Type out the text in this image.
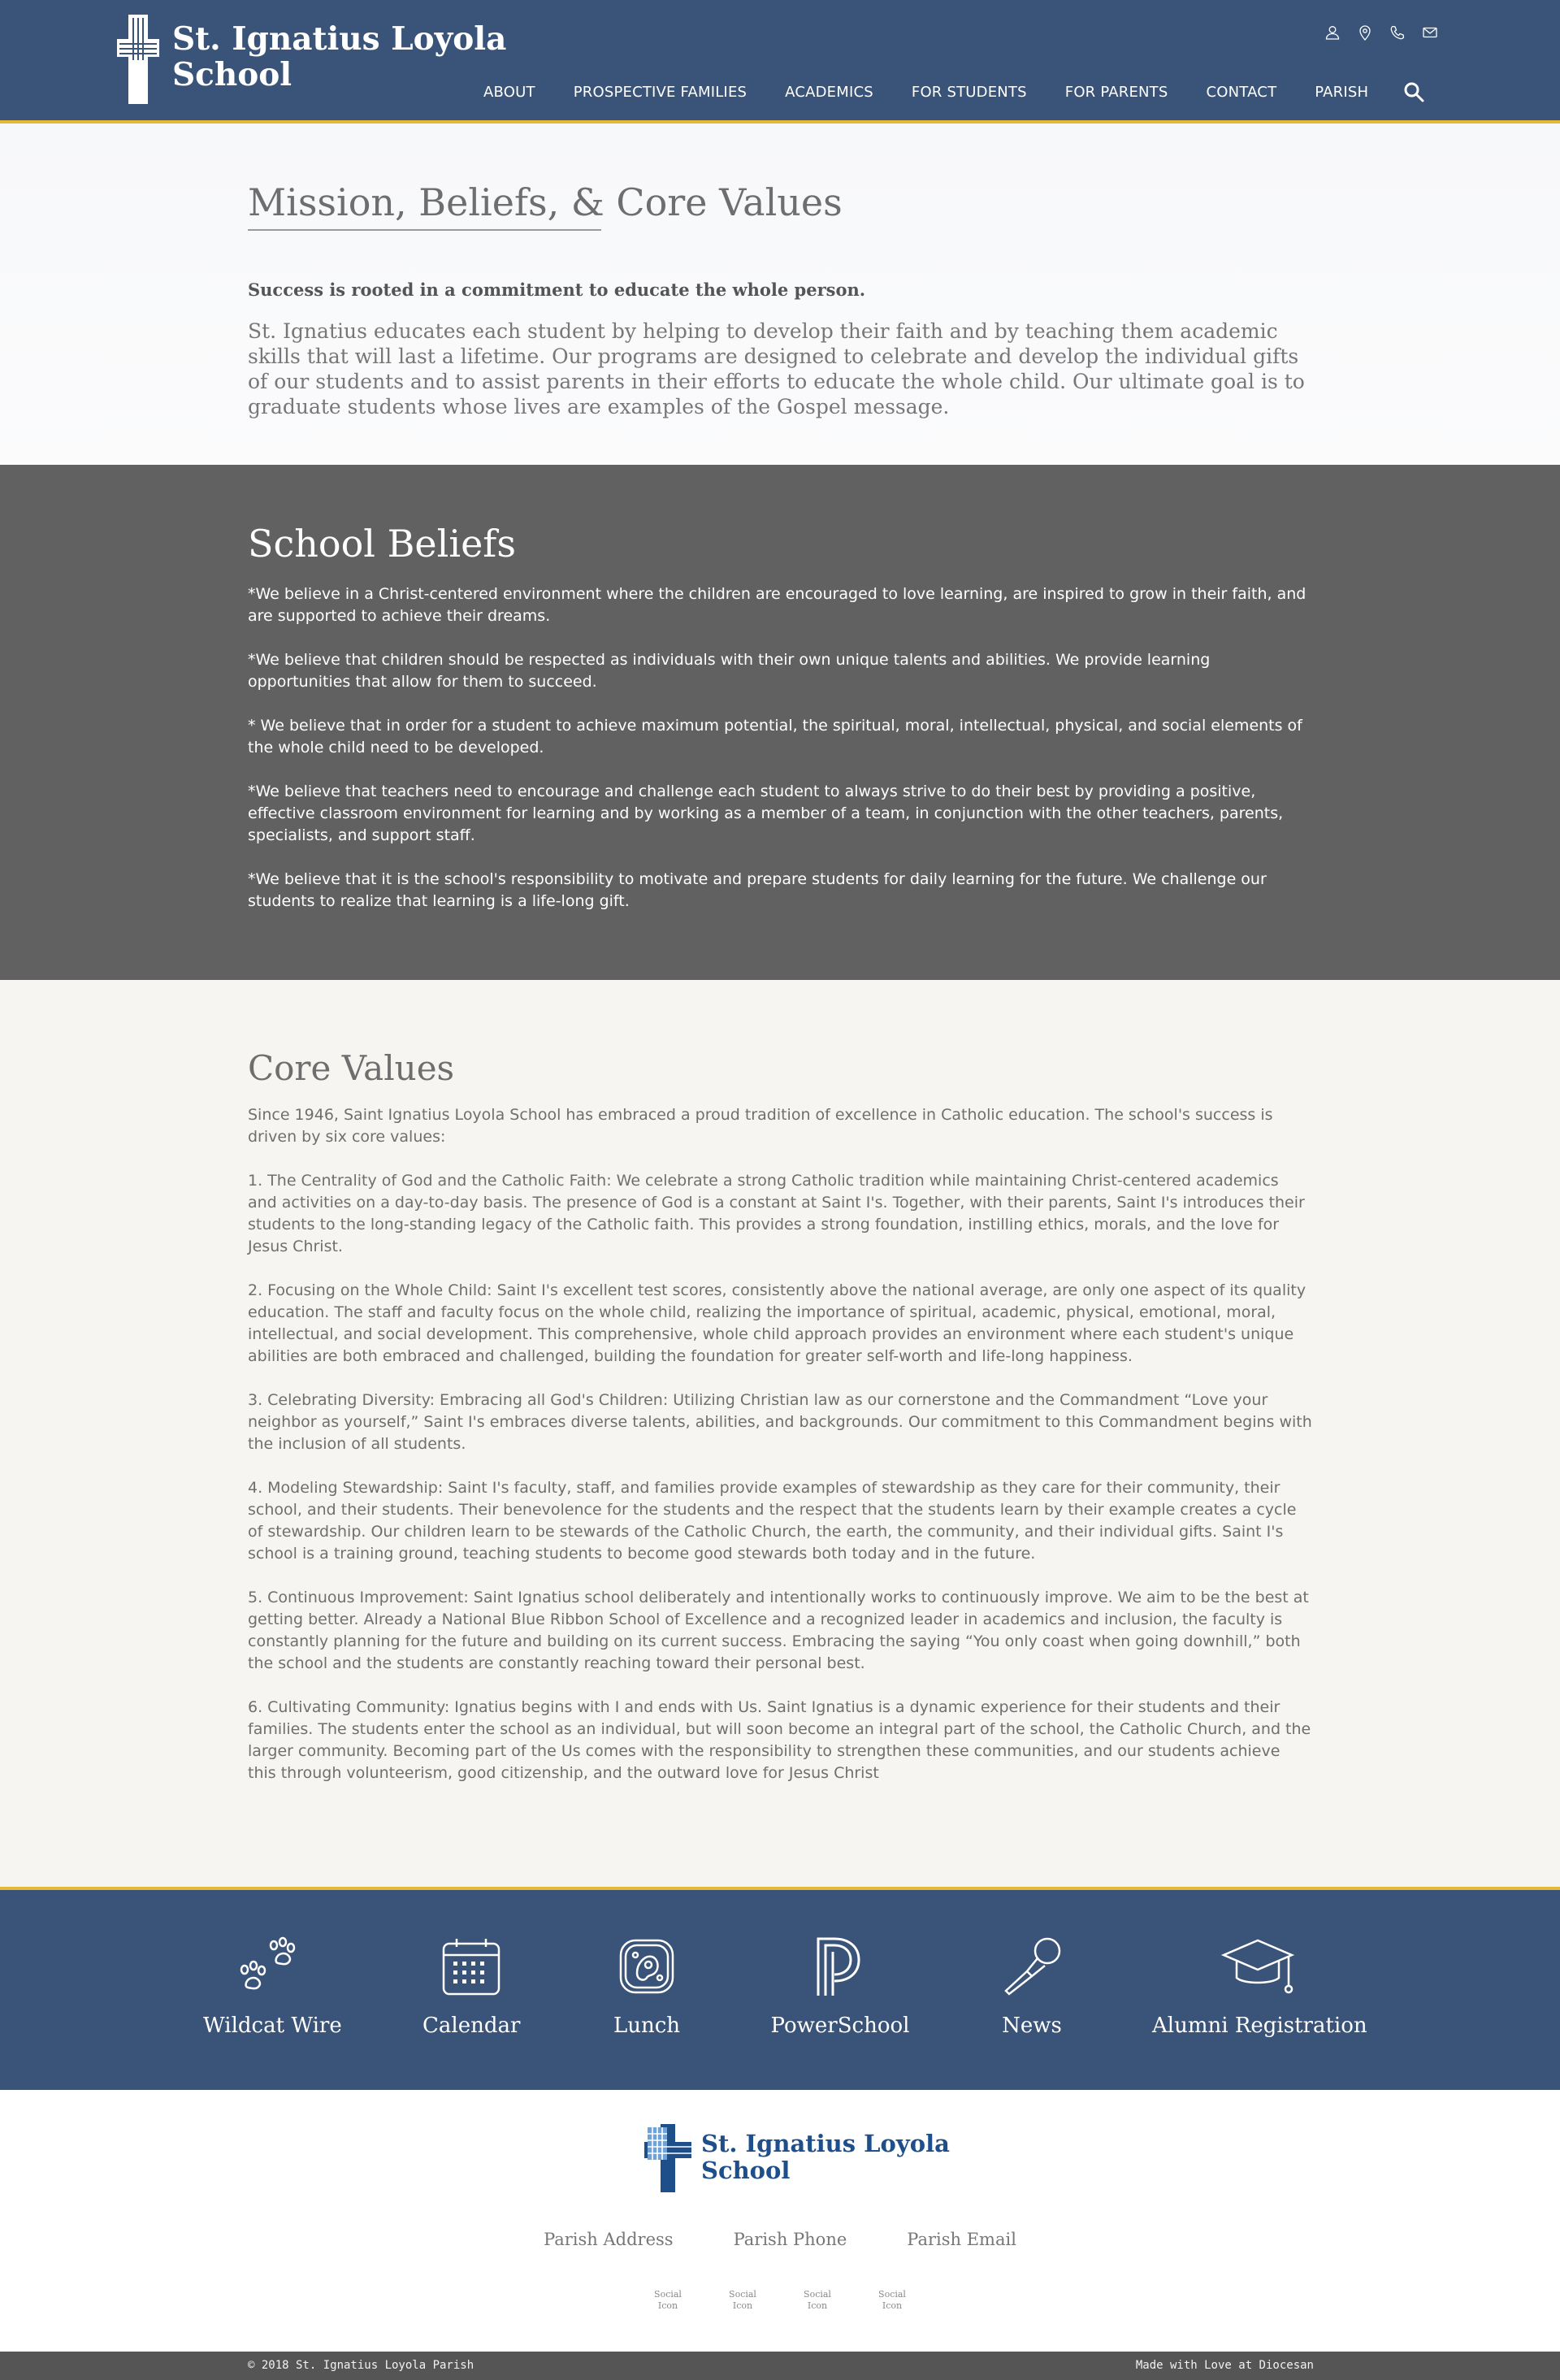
St. Ignatius Loyola
School	ABOUT	PROSPECTIVE FAMILIES	ACADEMICS	FOR STUDENTS	FOR PARENTS	CONTACT	PARISH
Mission, Beliefs, & Core Values
Success is rooted in a commitment to educate the whole person.
St. Ignatius educates each student by helping to develop their faith and by teaching them academic skills that will last a lifetime. Our programs are designed to celebrate and develop the individual gifts of our students and to assist parents in their efforts to educate the whole child. Our ultimate goal is to graduate students whose lives are examples of the Gospel message.
School Beliefs

*We believe in a Christ-centered environment where the children are encouraged to love learning, are inspired to grow in their faith, and are supported to achieve their dreams.

*We believe that children should be respected as individuals with their own unique talents and abilities. We provide learning opportunities that allow for them to succeed.

* We believe that in order for a student to achieve maximum potential, the spiritual, moral, intellectual, physical, and social elements of the whole child need to be developed.

*We believe that teachers need to encourage and challenge each student to always strive to do their best by providing a positive, effective classroom environment for learning and by working as a member of a team, in conjunction with the other teachers, parents, specialists, and support staff.

*We believe that it is the school's responsibility to motivate and prepare students for daily learning for the future. We challenge our students to realize that learning is a life-long gift.

Core Values

Since 1946, Saint Ignatius Loyola School has embraced a proud tradition of excellence in Catholic education. The school's success is driven by six core values:

1. The Centrality of God and the Catholic Faith: We celebrate a strong Catholic tradition while maintaining Christ-centered academics and activities on a day-to-day basis. The presence of God is a constant at Saint I's. Together, with their parents, Saint I's introduces their students to the long-standing legacy of the Catholic faith. This provides a strong foundation, instilling ethics, morals, and the love for Jesus Christ.

2. Focusing on the Whole Child: Saint I's excellent test scores, consistently above the national average, are only one aspect of its quality education. The staff and faculty focus on the whole child, realizing the importance of spiritual, academic, physical, emotional, moral, intellectual, and social development. This comprehensive, whole child approach provides an environment where each student's unique abilities are both embraced and challenged, building the foundation for greater self-worth and life-long happiness.

3. Celebrating Diversity: Embracing all God's Children: Utilizing Christian law as our cornerstone and the Commandment “Love your neighbor as yourself,” Saint I's embraces diverse talents, abilities, and backgrounds. Our commitment to this Commandment begins with the inclusion of all students.

4. Modeling Stewardship: Saint I's faculty, staff, and families provide examples of stewardship as they care for their community, their school, and their students. Their benevolence for the students and the respect that the students learn by their example creates a cycle of stewardship. Our children learn to be stewards of the Catholic Church, the earth, the community, and their individual gifts. Saint I's school is a training ground, teaching students to become good stewards both today and in the future.

5. Continuous Improvement: Saint Ignatius school deliberately and intentionally works to continuously improve. We aim to be the best at getting better. Already a National Blue Ribbon School of Excellence and a recognized leader in academics and inclusion, the faculty is constantly planning for the future and building on its current success. Embracing the saying “You only coast when going downhill,” both the school and the students are constantly reaching toward their personal best.

6. Cultivating Community: Ignatius begins with I and ends with Us. Saint Ignatius is a dynamic experience for their students and their families. The students enter the school as an individual, but will soon become an integral part of the school, the Catholic Church, and the larger community. Becoming part of the Us comes with the responsibility to strengthen these communities, and our students achieve this through volunteerism, good citizenship, and the outward love for Jesus Christ

Wildcat Wire	Calendar	Lunch	PowerSchool	News	Alumni Registration
St. Ignatius Loyola
School
Parish Address	Parish Phone	Parish Email
Social
Icon
Social
Icon
Social
Icon
Social
Icon
© 2018 St. Ignatius Loyola Parish	Made with Love at Diocesan
